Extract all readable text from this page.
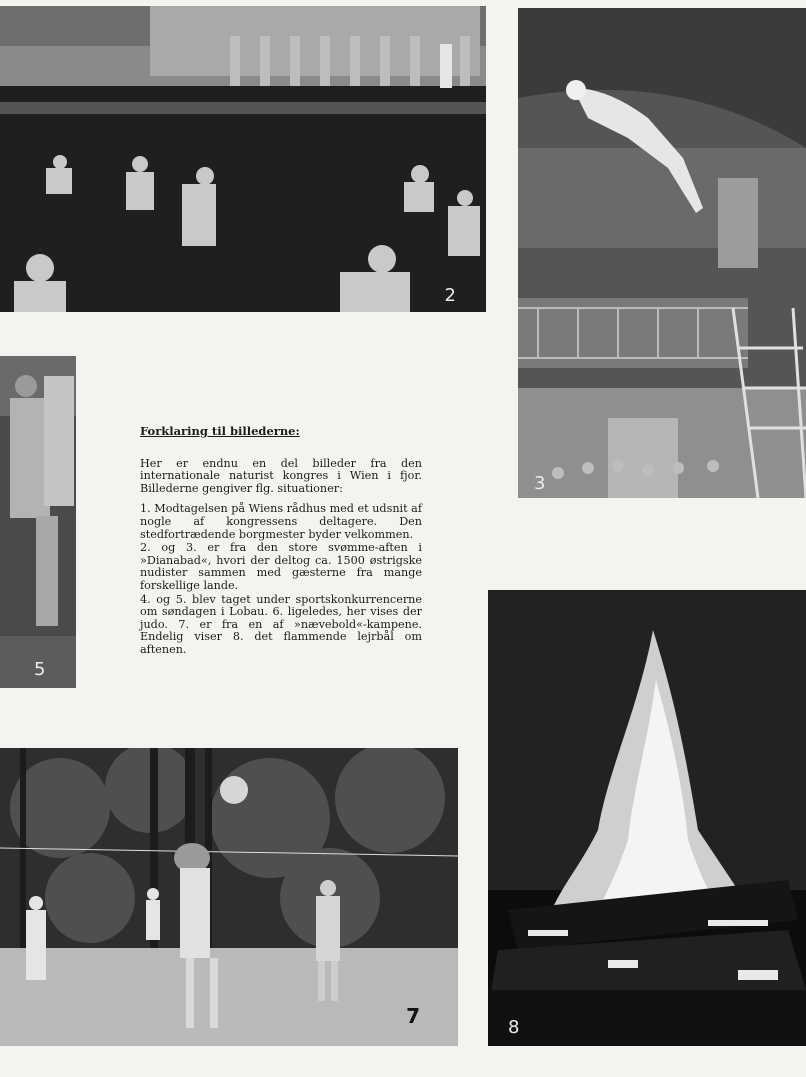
2
3
5
Forklaring til billederne:

Her er endnu en del billeder fra den internationale naturist kongres i Wien i fjor. Billederne gengiver flg. situationer:

1. Modtagelsen på Wiens rådhus med et udsnit af nogle af kongressens deltagere. Den stedfortrædende borgmester byder velkommen.
2. og 3. er fra den store svømme-aften i »Dianabad«, hvori der deltog ca. 1500 østrigske nudister sammen med gæsterne fra mange forskellige lande.
4. og 5. blev taget under sportskonkurrencerne om søndagen i Lobau. 6. ligeledes, her vises der judo. 7. er fra en af »nævebold«-kampene. Endelig viser 8. det flammende lejrbål om aftenen.
7	8
